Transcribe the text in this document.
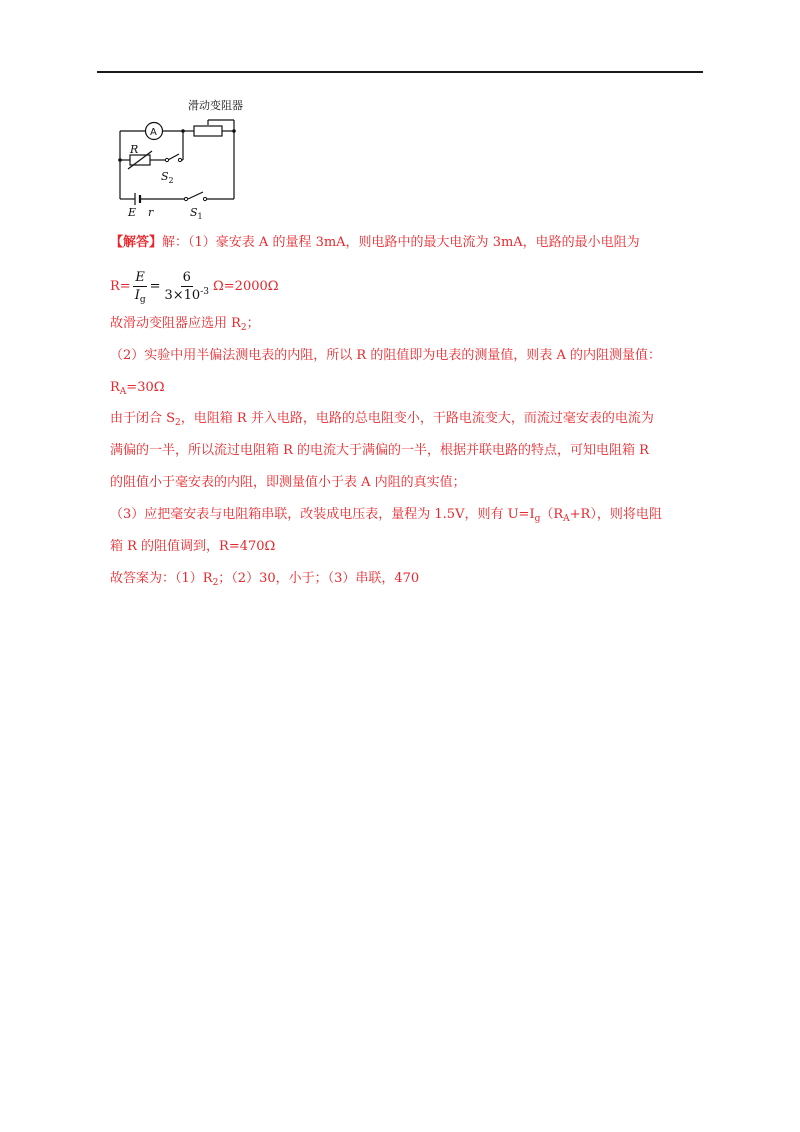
滑动变阻器
A
R
$S_2$
E r	$S_1$
【解答】解：（1）豪安表 A 的量程 3mA，则电路中的最大电流为 3mA，电路的最小电阻为
$R= \frac{E}{I_g} = \frac{6}{3\times 10^{-3}} \Omega=2000\Omega$
故滑动变阻器应选用 $R_2$；
（2）实验中用半偏法测电表的内阻，所以 R 的阻值即为电表的测量值，则表 A 的内阻测量值：
$R_A=30\Omega$
由于闭合 $S_2$，电阻箱 R 并入电路，电路的总电阻变小，干路电流变大，而流过毫安表的电流为
满偏的一半，所以流过电阻箱 R 的电流大于满偏的一半，根据并联电路的特点，可知电阻箱 R
的阻值小于毫安表的内阻，即测量值小于表 A 内阻的真实值；
（3）应把毫安表与电阻箱串联，改装成电压表，量程为 1.5V，则有 $U=I_g(R_A+R)$，则将电阻
箱 R 的阻值调到，R=470Ω
故答案为：$(1)R_2$；（2）30，小于；（3）串联，470
